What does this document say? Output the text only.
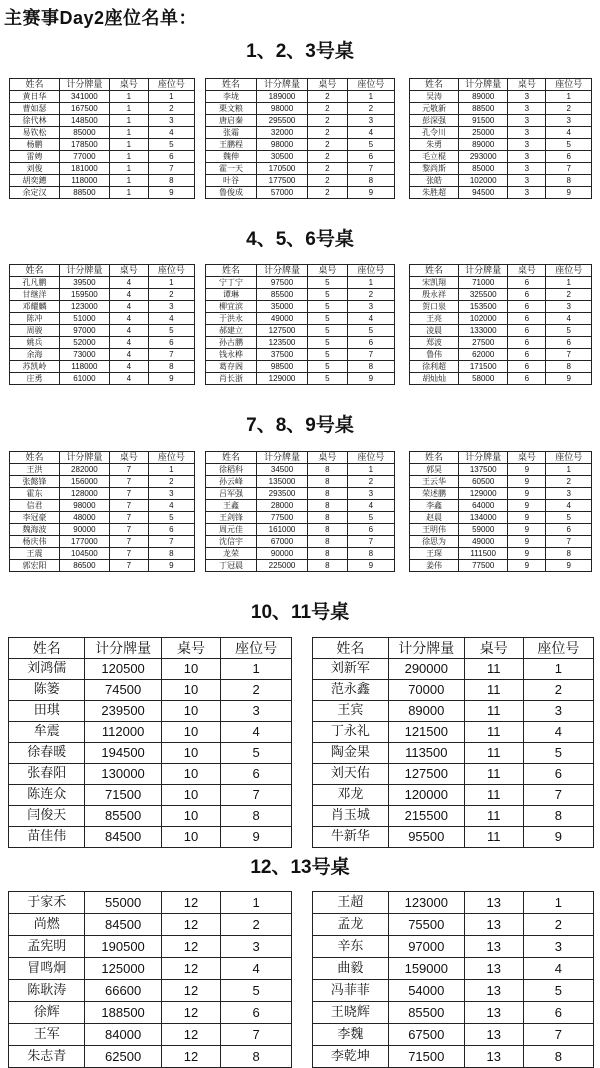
主赛事Day2座位名单：
1、2、3号桌
姓名	计分牌量	桌号	座位号
黄日华	341000	1	1
曹如瑟	167500	1	2
徐代林	148500	1	3
易钦松	85000	1	4
杨鹏	178500	1	5
雷娉	77000	1	6
刘俊	181000	1	7
胡奕鏸	118000	1	8
余定汉	88500	1	9
姓名	计分牌量	桌号	座位号
李垅	189000	2	1
栗文粮	98000	2	2
唐启秦	295500	2	3
张霜	32000	2	4
王鹏程	98000	2	5
魏伸	30500	2	6
霍一天	170500	2	7
叶谷	177500	2	8
鲁俊成	57000	2	9
姓名	计分牌量	桌号	座位号
吴涛	89000	3	1
元敬新	88500	3	2
彭深强	91500	3	3
孔令川	25000	3	4
朱勇	89000	3	5
毛立棍	293000	3	6
黎尚斯	85000	3	7
张皓	102000	3	8
朱胜超	94500	3	9
4、5、6号桌
姓名	计分牌量	桌号	座位号
孔凡鹏	39500	4	1
甘继洋	159500	4	2
邓耀麟	123000	4	3
陈冲	51000	4	4
周骏	97000	4	5
姚兵	52000	4	6
余海	73000	4	7
苏凯岭	118000	4	8
庄勇	61000	4	9
姓名	计分牌量	桌号	座位号
宁丁宁	97500	5	1
谭琳	85500	5	2
柳宜滨	35000	5	3
于洪永	49000	5	4
郝建立	127500	5	5
孙古鹏	123500	5	6
钱永桦	37500	5	7
葛存阁	98500	5	8
肖长浙	129000	5	9
姓名	计分牌量	桌号	座位号
宋凯翔	71000	6	1
殷永祥	325500	6	2
贺口泉	153500	6	3
王亮	102000	6	4
凌晨	133000	6	5
郑波	27500	6	6
鲁伟	62000	6	7
徐利超	171500	6	8
胡灿灿	58000	6	9
7、8、9号桌
姓名	计分牌量	桌号	座位号
王洪	282000	7	1
张懿锋	156000	7	2
霍东	128000	7	3
信君	98000	7	4
李冠豪	48000	7	5
魏海波	90000	7	6
杨庆伟	177000	7	7
王震	104500	7	8
郭宏阳	86500	7	9
姓名	计分牌量	桌号	座位号
徐稻科	34500	8	1
孙云峰	135000	8	2
吕军强	293500	8	3
王鑫	28000	8	4
王剑锋	77500	8	5
周元佳	161000	8	6
沈信宇	67000	8	7
龙荣	90000	8	8
丁冠晨	225000	8	9
姓名	计分牌量	桌号	座位号
郭昊	137500	9	1
王云华	60500	9	2
荣述鹏	129000	9	3
李鑫	64000	9	4
赵晨	134000	9	5
王明伟	59000	9	6
徐思为	49000	9	7
王琛	111500	9	8
姜伟	77500	9	9
10、11号桌
姓名	计分牌量	桌号	座位号
刘鸿儒	120500	10	1
陈篓	74500	10	2
田琪	239500	10	3
牟震	112000	10	4
徐春暖	194500	10	5
张春阳	130000	10	6
陈连众	71500	10	7
闫俊天	85500	10	8
苗佳伟	84500	10	9
姓名	计分牌量	桌号	座位号
刘新军	290000	11	1
范永鑫	70000	11	2
王宾	89000	11	3
丁永礼	121500	11	4
陶金果	113500	11	5
刘天佑	127500	11	6
邓龙	120000	11	7
肖玉城	215500	11	8
牛新华	95500	11	9
12、13号桌
于家禾	55000	12	1
尚燃	84500	12	2
孟宪明	190500	12	3
冒鸣炯	125000	12	4
陈耿涛	66600	12	5
徐辉	188500	12	6
王军	84000	12	7
朱志青	62500	12	8
王超	123000	13	1
孟龙	75500	13	2
辛东	97000	13	3
曲毅	159000	13	4
冯菲菲	54000	13	5
王晓辉	85500	13	6
李魏	67500	13	7
李乾坤	71500	13	8
